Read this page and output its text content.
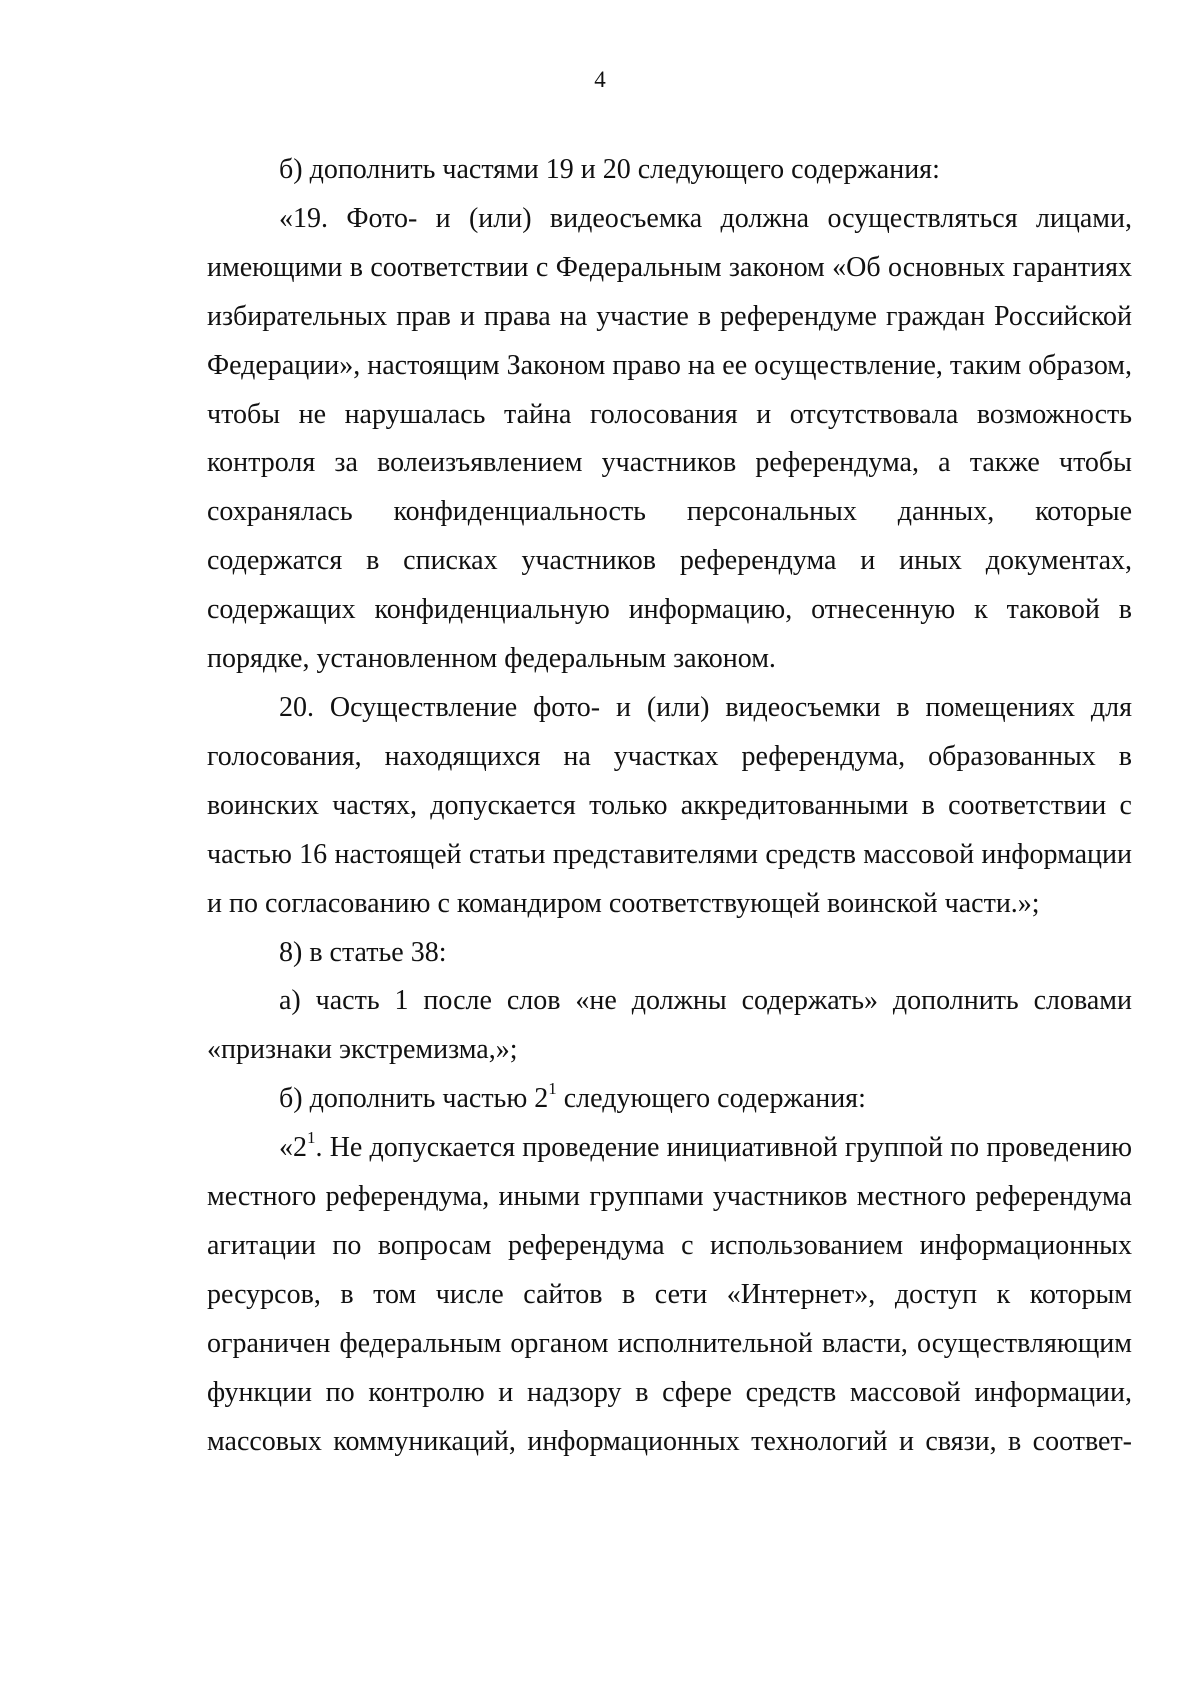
4

б) дополнить частями 19 и 20 следующего содержания:

«19. Фото- и (или) видеосъемка должна осуществляться лицами, имеющими в соответствии с Федеральным законом «Об основных гарантиях избирательных прав и права на участие в референдуме граждан Российской Федерации», настоящим Законом право на ее осуществление, таким образом, чтобы не нарушалась тайна голосования и отсутствовала возможность контроля за волеизъявлением участников референдума, а также чтобы сохранялась конфиденциальность персональных данных, которые содержатся в списках участников референдума и иных документах, содержащих конфиденциальную информацию, отнесенную к таковой в порядке, установленном федеральным законом.

20. Осуществление фото- и (или) видеосъемки в помещениях для голосования, находящихся на участках референдума, образованных в воинских частях, допускается только аккредитованными в соответствии с частью 16 настоящей статьи представителями средств массовой информации и по согласованию с командиром соответствующей воинской части.»;

8) в статье 38:

а) часть 1 после слов «не должны содержать» дополнить словами «признаки экстремизма,»;

б) дополнить частью $2^1$ следующего содержания:

«$2^1$. Не допускается проведение инициативной группой по проведению местного референдума, иными группами участников местного референдума агитации по вопросам референдума с использованием информационных ресурсов, в том числе сайтов в сети «Интернет», доступ к которым ограничен федеральным органом исполнительной власти, осуществляющим функции по контролю и надзору в сфере средств массовой информации, массовых коммуникаций, информационных технологий и связи, в соответ-
